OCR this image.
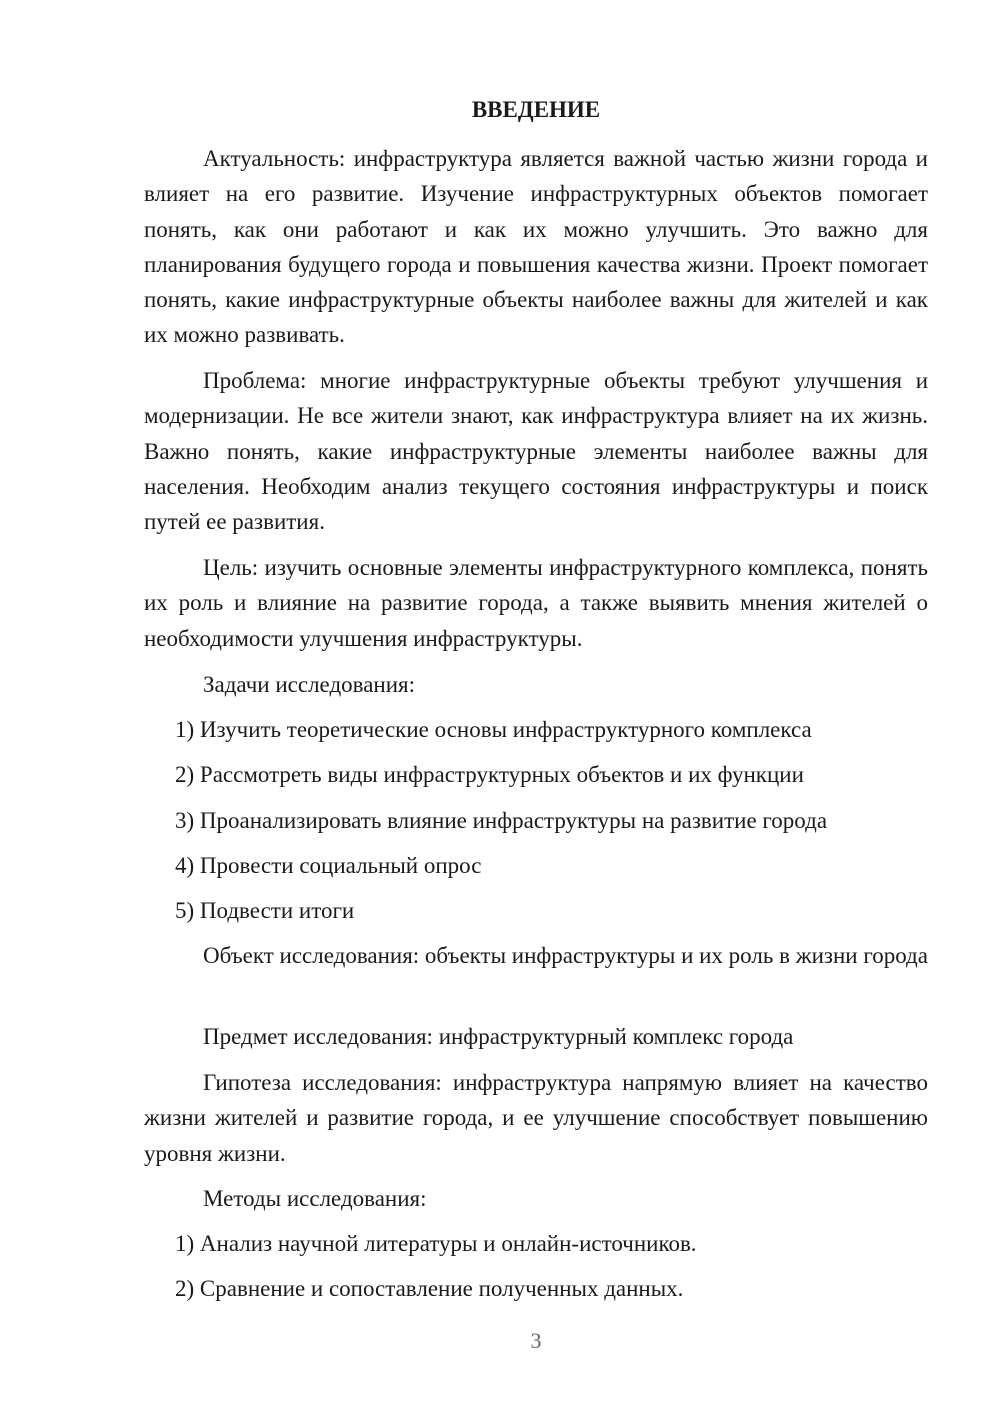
ВВЕДЕНИЕ

Актуальность: инфраструктура является важной частью жизни города и влияет на его развитие. Изучение инфраструктурных объектов помогает понять, как они работают и как их можно улучшить. Это важно для планирования будущего города и повышения качества жизни. Проект помогает понять, какие инфраструктурные объекты наиболее важны для жителей и как их можно развивать.

Проблема: многие инфраструктурные объекты требуют улучшения и модернизации. Не все жители знают, как инфраструктура влияет на их жизнь. Важно понять, какие инфраструктурные элементы наиболее важны для населения. Необходим анализ текущего состояния инфраструктуры и поиск путей ее развития.

Цель: изучить основные элементы инфраструктурного комплекса, понять их роль и влияние на развитие города, а также выявить мнения жителей о необходимости улучшения инфраструктуры.

Задачи исследования:

1) Изучить теоретические основы инфраструктурного комплекса

2) Рассмотреть виды инфраструктурных объектов и их функции

3) Проанализировать влияние инфраструктуры на развитие города

4) Провести социальный опрос

5) Подвести итоги

Объект исследования: объекты инфраструктуры и их роль в жизни города

Предмет исследования: инфраструктурный комплекс города

Гипотеза исследования: инфраструктура напрямую влияет на качество жизни жителей и развитие города, и ее улучшение способствует повышению уровня жизни.

Методы исследования:

1) Анализ научной литературы и онлайн-источников.

2) Сравнение и сопоставление полученных данных.

3
